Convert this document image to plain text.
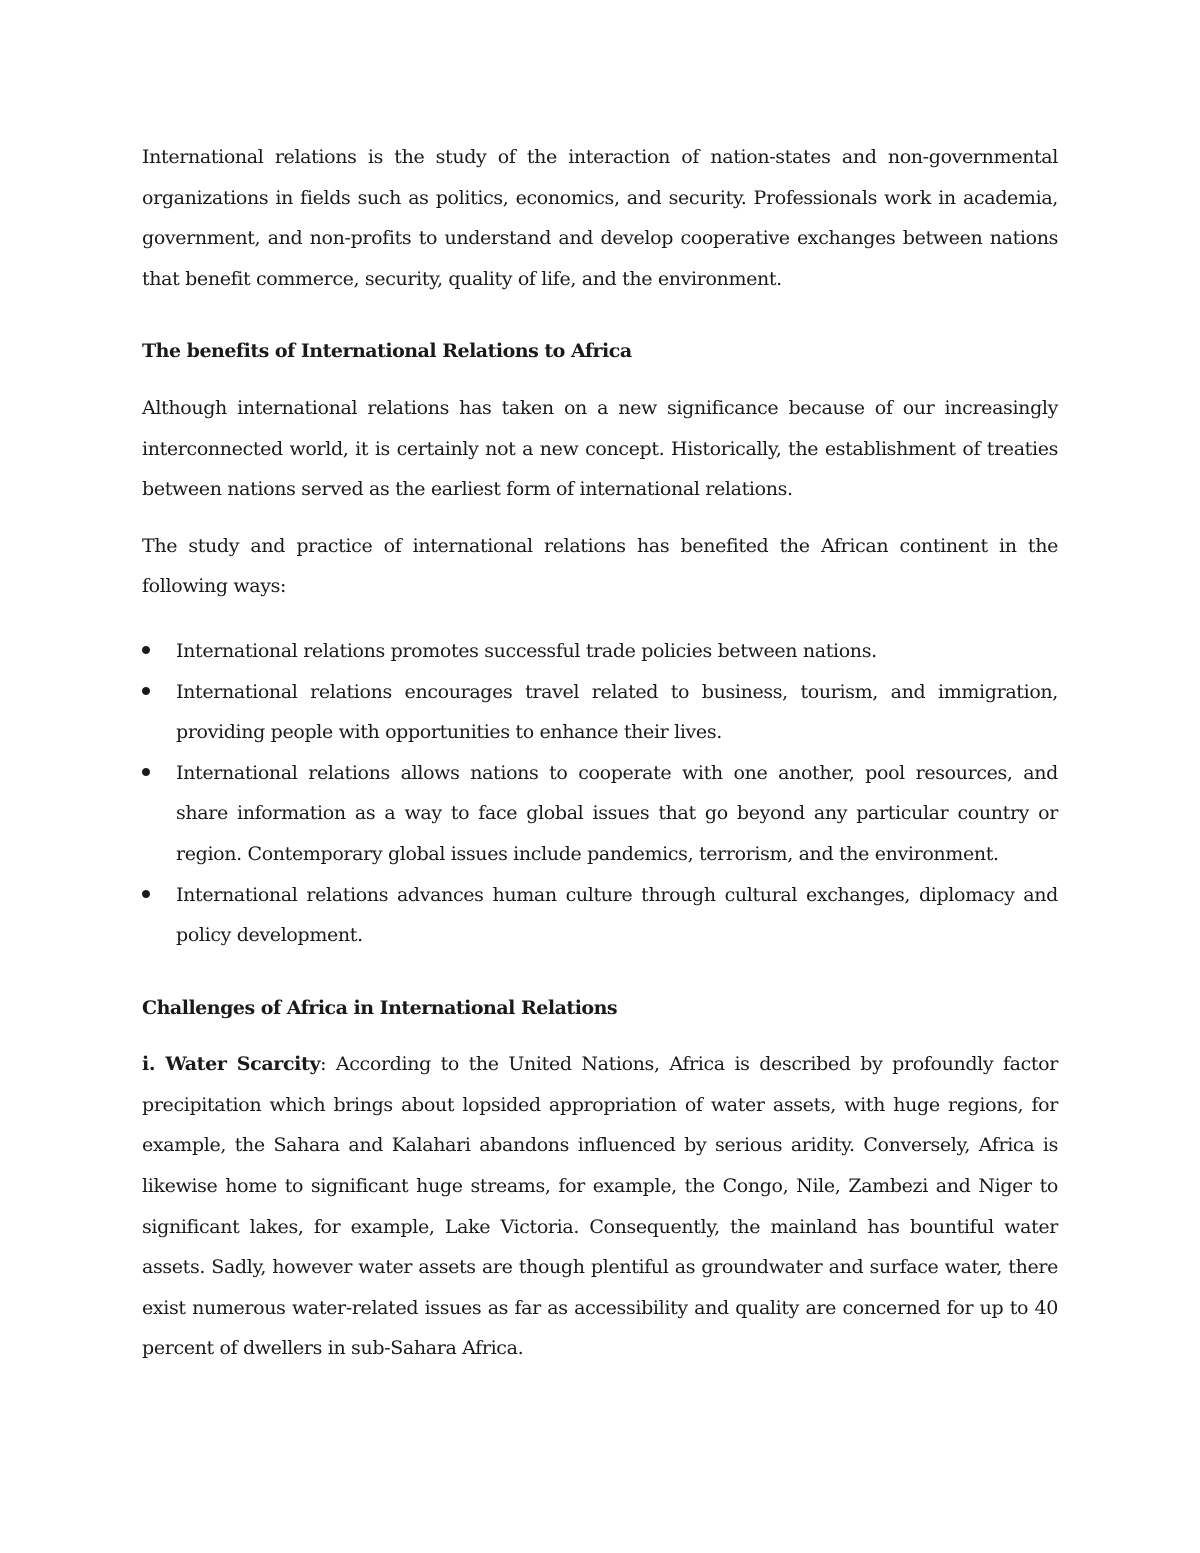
International relations is the study of the interaction of nation-states and non-governmental organizations in fields such as politics, economics, and security. Professionals work in academia, government, and non-profits to understand and develop cooperative exchanges between nations that benefit commerce, security, quality of life, and the environment.

The benefits of International Relations to Africa

Although international relations has taken on a new significance because of our increasingly interconnected world, it is certainly not a new concept. Historically, the establishment of treaties between nations served as the earliest form of international relations.

The study and practice of international relations has benefited the African continent in the following ways:

International relations promotes successful trade policies between nations.
International relations encourages travel related to business, tourism, and immigration, providing people with opportunities to enhance their lives.
International relations allows nations to cooperate with one another, pool resources, and share information as a way to face global issues that go beyond any particular country or region. Contemporary global issues include pandemics, terrorism, and the environment.
International relations advances human culture through cultural exchanges, diplomacy and policy development.

Challenges of Africa in International Relations

i. Water Scarcity: According to the United Nations, Africa is described by profoundly factor precipitation which brings about lopsided appropriation of water assets, with huge regions, for example, the Sahara and Kalahari abandons influenced by serious aridity. Conversely, Africa is likewise home to significant huge streams, for example, the Congo, Nile, Zambezi and Niger to significant lakes, for example, Lake Victoria. Consequently, the mainland has bountiful water assets. Sadly, however water assets are though plentiful as groundwater and surface water, there exist numerous water-related issues as far as accessibility and quality are concerned for up to 40 percent of dwellers in sub-Sahara Africa.
